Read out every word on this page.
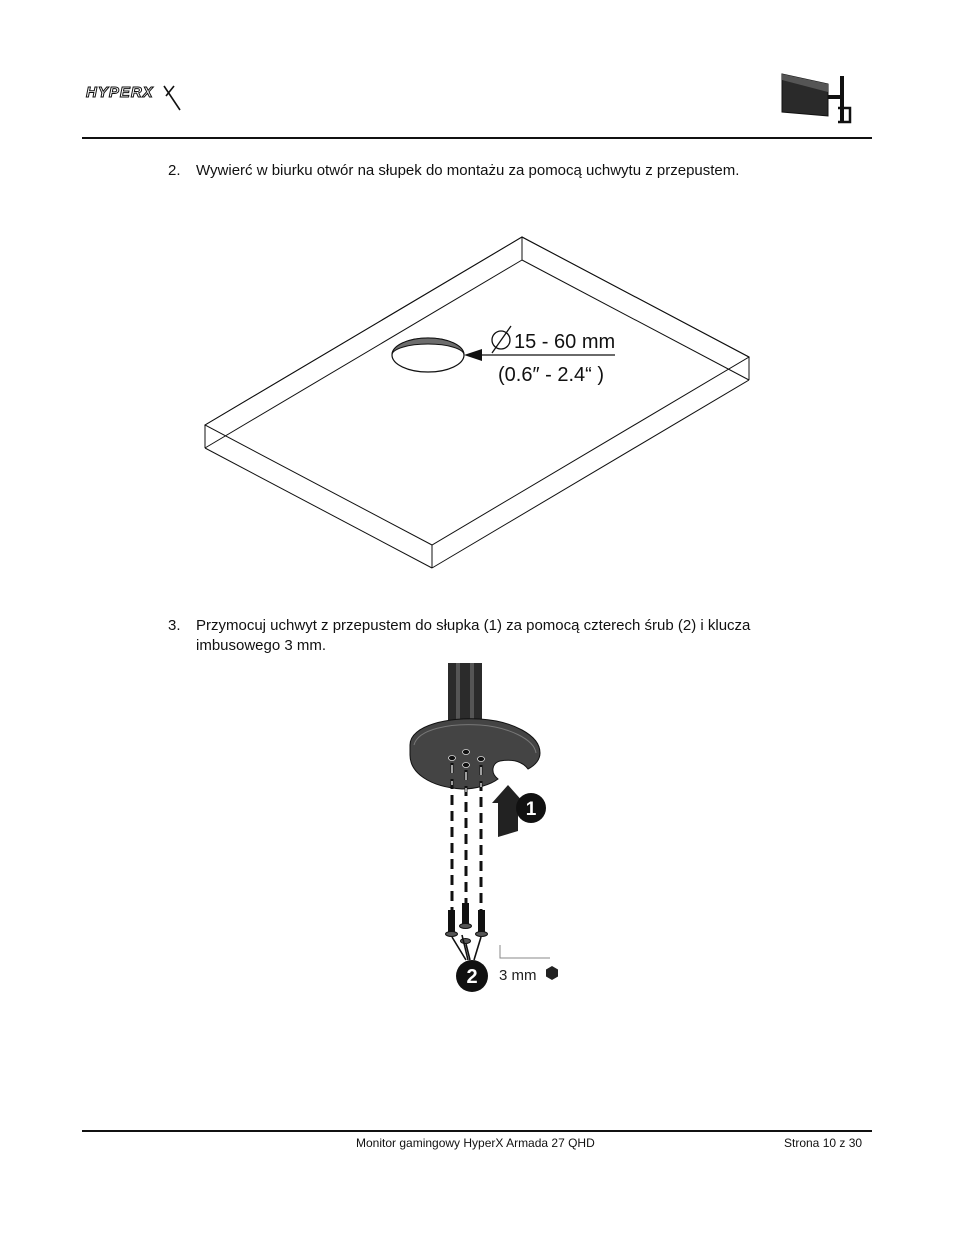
HYPERX
2. Wywierć w biurku otwór na słupek do montażu za pomocą uchwytu z przepustem.
15 - 60 mm
(0.6″ - 2.4“ )
3. Przymocuj uchwyt z przepustem do słupka (1) za pomocą czterech śrub (2) i klucza imbusowego 3 mm.
1
2 3 mm
Monitor gamingowy HyperX Armada 27 QHD	Strona 10 z 30
